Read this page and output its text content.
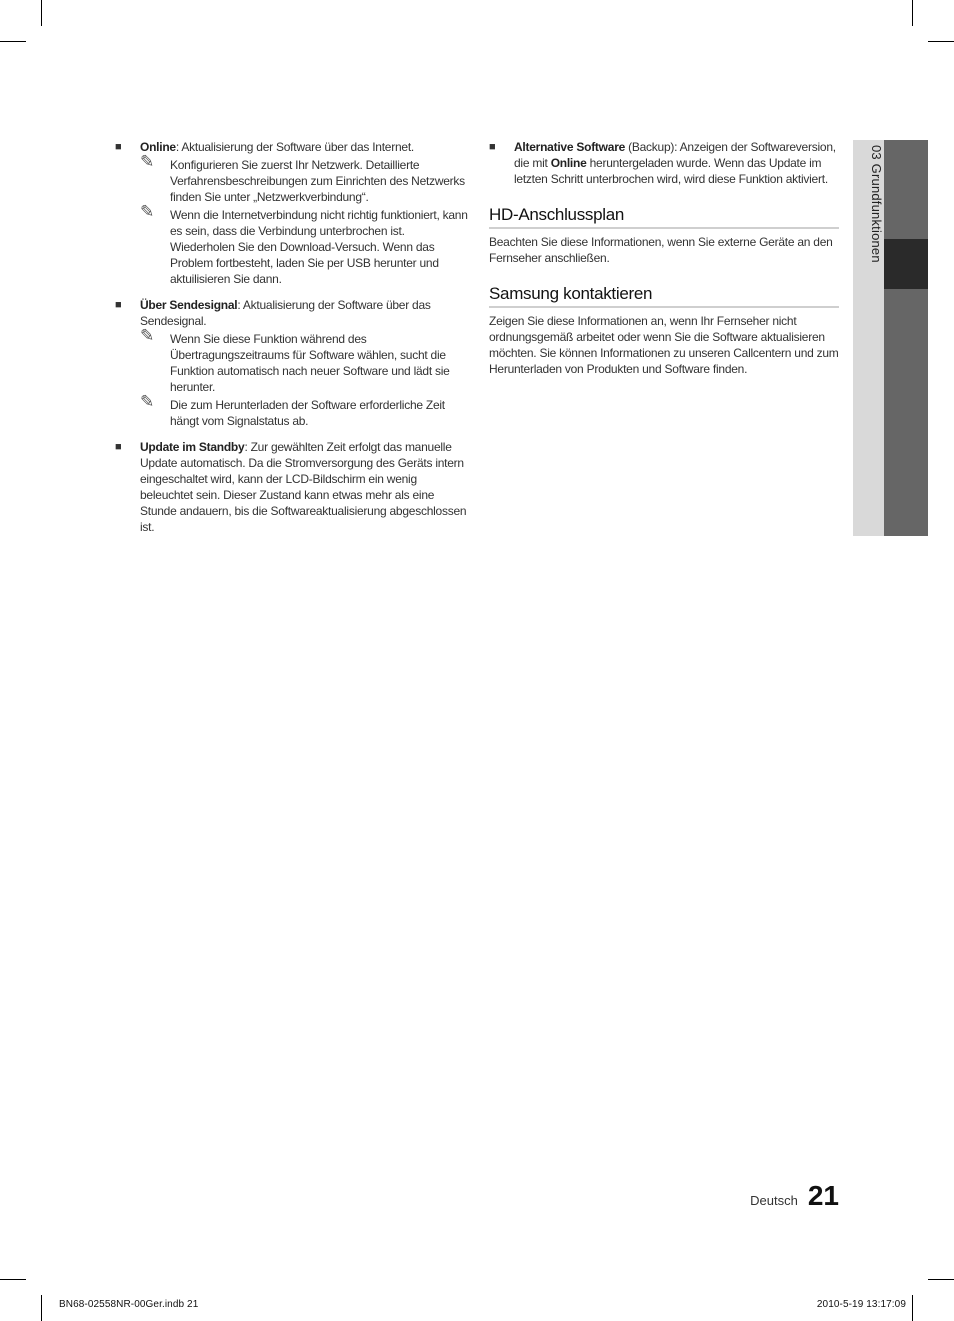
03 Grundfunktionen
■ Online: Aktualisierung der Software über das Internet.
✎ Konfigurieren Sie zuerst Ihr Netzwerk. Detaillierte Verfahrensbeschreibungen zum Einrichten des Netzwerks finden Sie unter „Netzwerkverbindung“.
✎ Wenn die Internetverbindung nicht richtig funktioniert, kann es sein, dass die Verbindung unterbrochen ist. Wiederholen Sie den Download-Versuch. Wenn das Problem fortbesteht, laden Sie per USB herunter und aktuilisieren Sie dann.
■ Über Sendesignal: Aktualisierung der Software über das Sendesignal.
✎ Wenn Sie diese Funktion während des Übertragungszeitraums für Software wählen, sucht die Funktion automatisch nach neuer Software und lädt sie herunter.
✎ Die zum Herunterladen der Software erforderliche Zeit hängt vom Signalstatus ab.
■ Update im Standby: Zur gewählten Zeit erfolgt das manuelle Update automatisch. Da die Stromversorgung des Geräts intern eingeschaltet wird, kann der LCD-Bildschirm ein wenig beleuchtet sein. Dieser Zustand kann etwas mehr als eine Stunde andauern, bis die Softwareaktualisierung abgeschlossen ist.
■ Alternative Software (Backup): Anzeigen der Softwareversion, die mit Online heruntergeladen wurde. Wenn das Update im letzten Schritt unterbrochen wird, wird diese Funktion aktiviert.
HD-Anschlussplan

Beachten Sie diese Informationen, wenn Sie externe Geräte an den Fernseher anschließen.

Samsung kontaktieren

Zeigen Sie diese Informationen an, wenn Ihr Fernseher nicht ordnungsgemäß arbeitet oder wenn Sie die Software aktualisieren möchten. Sie können Informationen zu unseren Callcentern und zum Herunterladen von Produkten und Software finden.

Deutsch 21
BN68-02558NR-00Ger.indb 21	2010-5-19 13:17:09
